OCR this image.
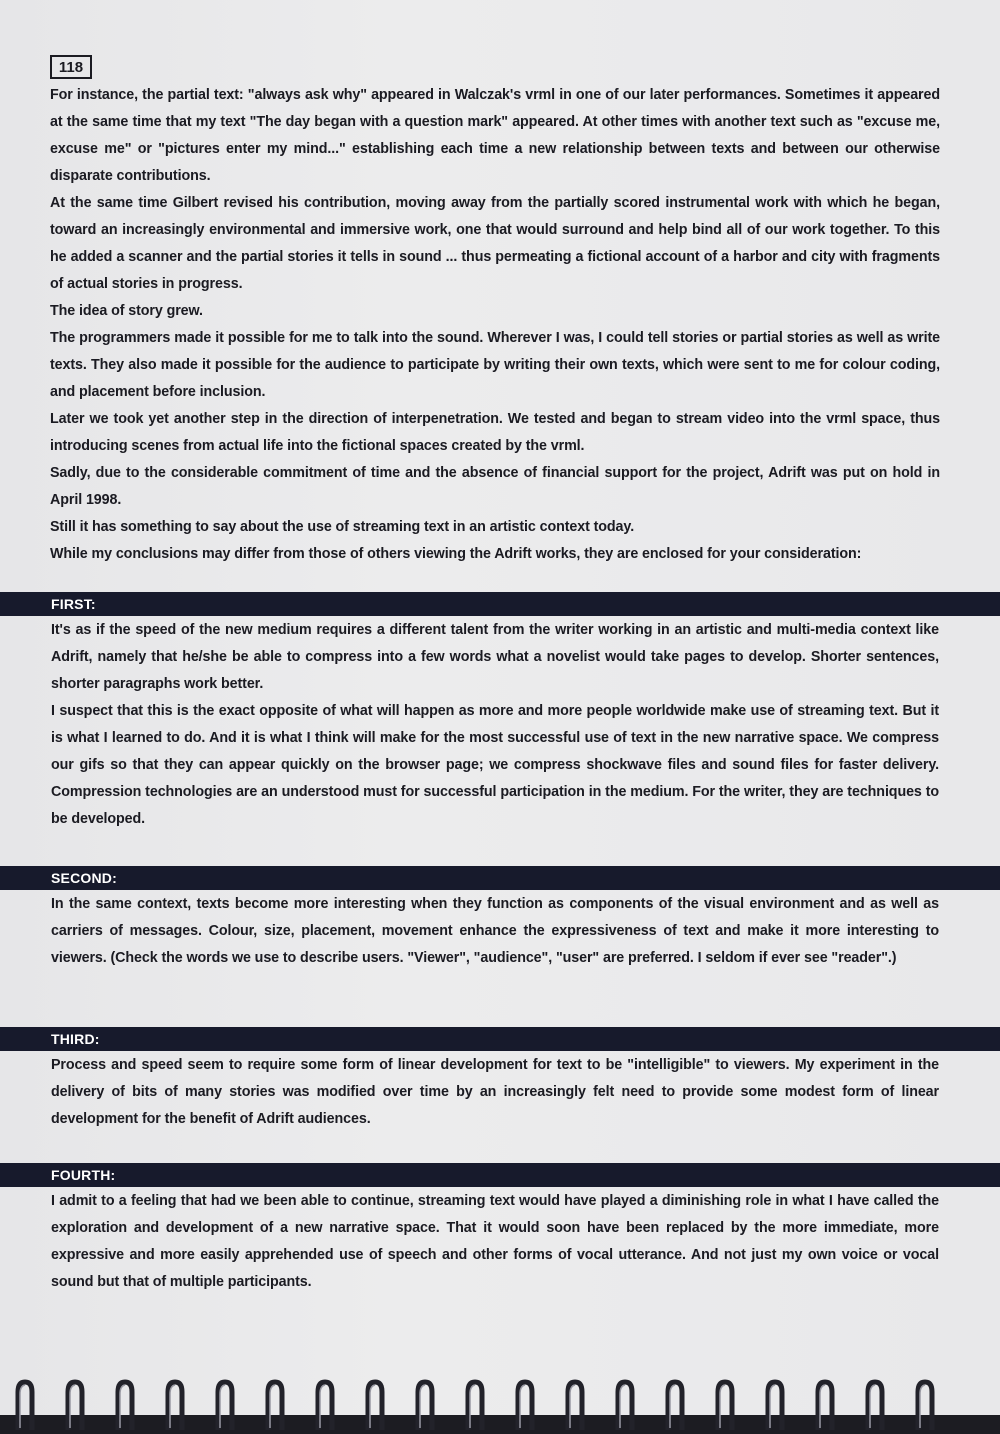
118

For instance, the partial text: "always ask why" appeared in Walczak's vrml in one of our later performances. Sometimes it appeared at the same time that my text "The day began with a question mark" appeared. At other times with another text such as "excuse me, excuse me" or "pictures enter my mind..." establishing each time a new relationship between texts and between our otherwise disparate contributions.

At the same time Gilbert revised his contribution, moving away from the partially scored instrumental work with which he began, toward an increasingly environmental and immersive work, one that would surround and help bind all of our work together. To this he added a scanner and the partial stories it tells in sound ... thus permeating a fictional account of a harbor and city with fragments of actual stories in progress.

The idea of story grew.

The programmers made it possible for me to talk into the sound. Wherever I was, I could tell stories or partial stories as well as write texts. They also made it possible for the audience to participate by writing their own texts, which were sent to me for colour coding, and placement before inclusion.

Later we took yet another step in the direction of interpenetration. We tested and began to stream video into the vrml space, thus introducing scenes from actual life into the fictional spaces created by the vrml.

Sadly, due to the considerable commitment of time and the absence of financial support for the project, Adrift was put on hold in April 1998.

Still it has something to say about the use of streaming text in an artistic context today.

While my conclusions may differ from those of others viewing the Adrift works, they are enclosed for your consideration:

FIRST:

It's as if the speed of the new medium requires a different talent from the writer working in an artistic and multi-media context like Adrift, namely that he/she be able to compress into a few words what a novelist would take pages to develop. Shorter sentences, shorter paragraphs work better.

I suspect that this is the exact opposite of what will happen as more and more people worldwide make use of streaming text. But it is what I learned to do. And it is what I think will make for the most successful use of text in the new narrative space. We compress our gifs so that they can appear quickly on the browser page; we compress shockwave files and sound files for faster delivery. Compression technologies are an understood must for successful participation in the medium. For the writer, they are techniques to be developed.

SECOND:

In the same context, texts become more interesting when they function as components of the visual environment and as well as carriers of messages. Colour, size, placement, movement enhance the expressiveness of text and make it more interesting to viewers. (Check the words we use to describe users. "Viewer", "audience", "user" are preferred. I seldom if ever see "reader".)

THIRD:

Process and speed seem to require some form of linear development for text to be "intelligible" to viewers. My experiment in the delivery of bits of many stories was modified over time by an increasingly felt need to provide some modest form of linear development for the benefit of Adrift audiences.

FOURTH:

I admit to a feeling that had we been able to continue, streaming text would have played a diminishing role in what I have called the exploration and development of a new narrative space. That it would soon have been replaced by the more immediate, more expressive and more easily apprehended use of speech and other forms of vocal utterance. And not just my own voice or vocal sound but that of multiple participants.
